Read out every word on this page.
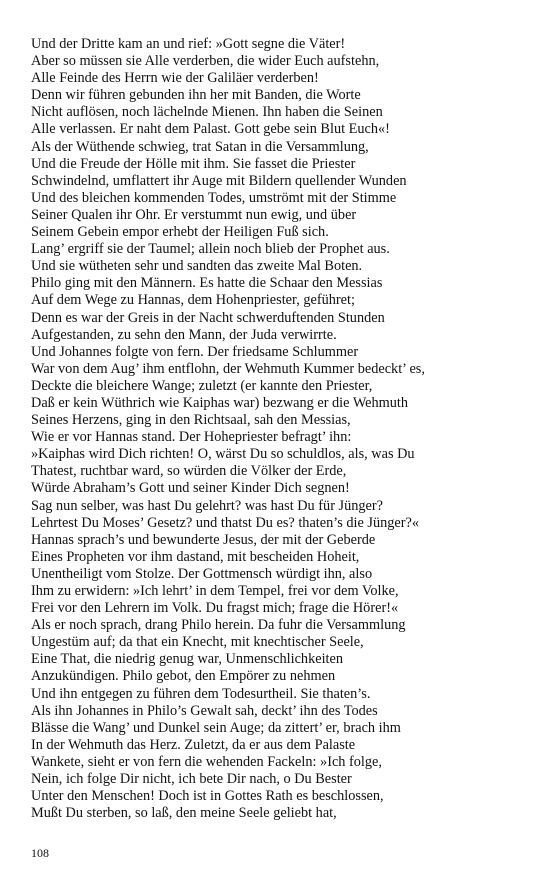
Und der Dritte kam an und rief: »Gott segne die Väter!
Aber so müssen sie Alle verderben, die wider Euch aufstehn,
Alle Feinde des Herrn wie der Galiläer verderben!
Denn wir führen gebunden ihn her mit Banden, die Worte
Nicht auflösen, noch lächelnde Mienen. Ihn haben die Seinen
Alle verlassen. Er naht dem Palast. Gott gebe sein Blut Euch«!
Als der Wüthende schwieg, trat Satan in die Versammlung,
Und die Freude der Hölle mit ihm. Sie fasset die Priester
Schwindelnd, umflattert ihr Auge mit Bildern quellender Wunden
Und des bleichen kommenden Todes, umströmt mit der Stimme
Seiner Qualen ihr Ohr. Er verstummt nun ewig, und über
Seinem Gebein empor erhebt der Heiligen Fuß sich.
Lang’ ergriff sie der Taumel; allein noch blieb der Prophet aus.
Und sie wütheten sehr und sandten das zweite Mal Boten.
Philo ging mit den Männern. Es hatte die Schaar den Messias
Auf dem Wege zu Hannas, dem Hohenpriester, geführet;
Denn es war der Greis in der Nacht schwerduftenden Stunden
Aufgestanden, zu sehn den Mann, der Juda verwirrte.
Und Johannes folgte von fern. Der friedsame Schlummer
War von dem Aug’ ihm entflohn, der Wehmuth Kummer bedeckt’ es,
Deckte die bleichere Wange; zuletzt (er kannte den Priester,
Daß er kein Wüthrich wie Kaiphas war) bezwang er die Wehmuth
Seines Herzens, ging in den Richtsaal, sah den Messias,
Wie er vor Hannas stand. Der Hohepriester befragt’ ihn:
»Kaiphas wird Dich richten! O, wärst Du so schuldlos, als, was Du
Thatest, ruchtbar ward, so würden die Völker der Erde,
Würde Abraham’s Gott und seiner Kinder Dich segnen!
Sag nun selber, was hast Du gelehrt? was hast Du für Jünger?
Lehrtest Du Moses’ Gesetz? und thatst Du es? thaten’s die Jünger?«
Hannas sprach’s und bewunderte Jesus, der mit der Geberde
Eines Propheten vor ihm dastand, mit bescheiden Hoheit,
Unentheiligt vom Stolze. Der Gottmensch würdigt ihn, also
Ihm zu erwidern: »Ich lehrt’ in dem Tempel, frei vor dem Volke,
Frei vor den Lehrern im Volk. Du fragst mich; frage die Hörer!«
Als er noch sprach, drang Philo herein. Da fuhr die Versammlung
Ungestüm auf; da that ein Knecht, mit knechtischer Seele,
Eine That, die niedrig genug war, Unmenschlichkeiten
Anzukündigen. Philo gebot, den Empörer zu nehmen
Und ihn entgegen zu führen dem Todesurtheil. Sie thaten’s.
Als ihn Johannes in Philo’s Gewalt sah, deckt’ ihn des Todes
Blässe die Wang’ und Dunkel sein Auge; da zittert’ er, brach ihm
In der Wehmuth das Herz. Zuletzt, da er aus dem Palaste
Wankete, sieht er von fern die wehenden Fackeln: »Ich folge,
Nein, ich folge Dir nicht, ich bete Dir nach, o Du Bester
Unter den Menschen! Doch ist in Gottes Rath es beschlossen,
Mußt Du sterben, so laß, den meine Seele geliebt hat,
108
